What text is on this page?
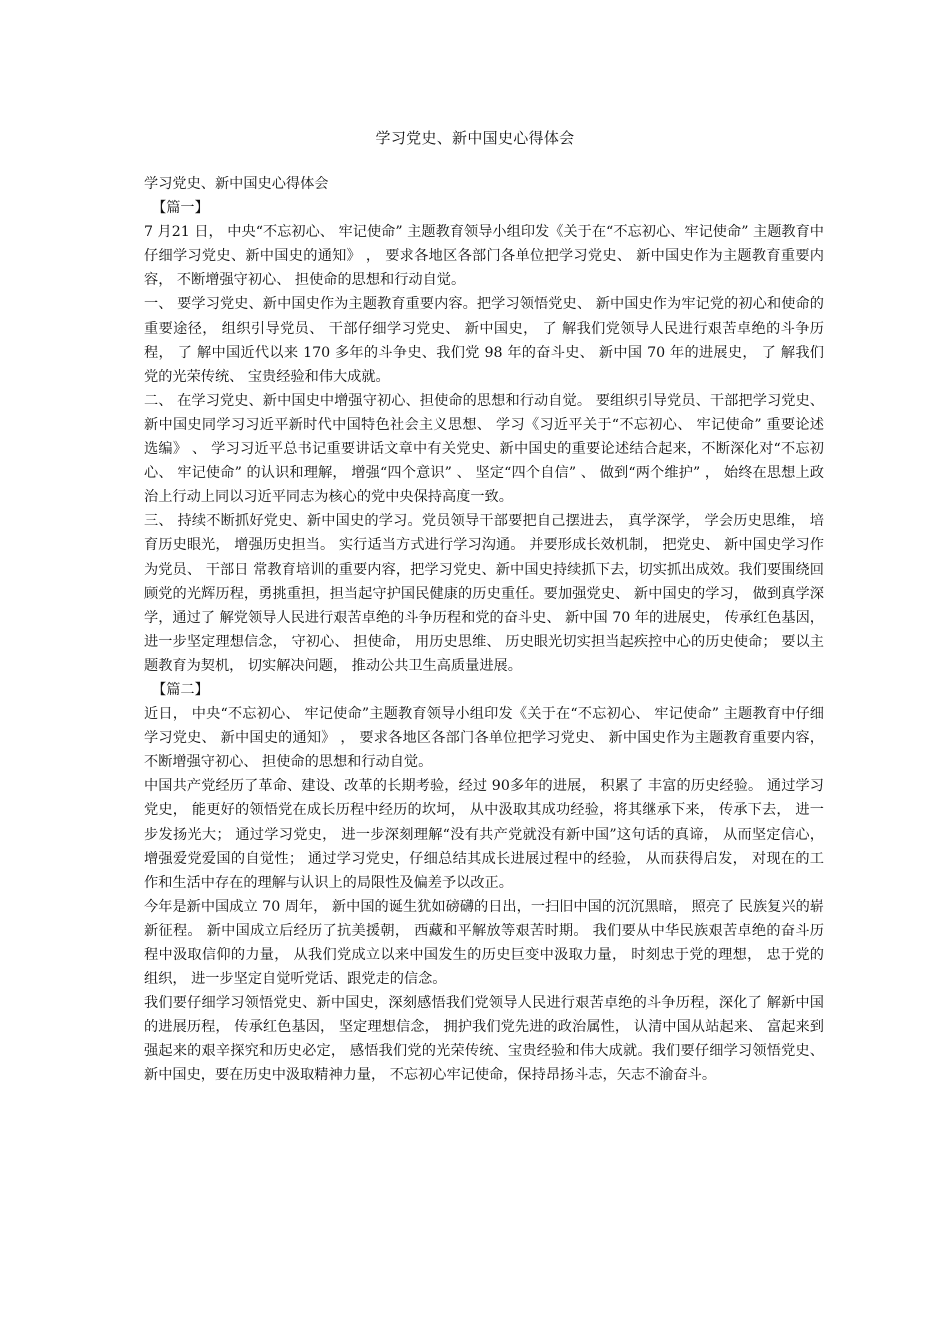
学习党史、新中国史心得体会

学习党史、新中国史心得体会

【篇一】

7 月21 日， 中央“不忘初心、 牢记使命” 主题教育领导小组印发《关于在“不忘初心、牢记使命” 主题教育中仔细学习党史、新中国史的通知》 ， 要求各地区各部门各单位把学习党史、 新中国史作为主题教育重要内容， 不断增强守初心、 担使命的思想和行动自觉。

一、 要学习党史、新中国史作为主题教育重要内容。把学习领悟党史、 新中国史作为牢记党的初心和使命的重要途径， 组织引导党员、 干部仔细学习党史、 新中国史， 了 解我们党领导人民进行艰苦卓绝的斗争历程， 了 解中国近代以来 170 多年的斗争史、我们党 98 年的奋斗史、 新中国 70 年的进展史， 了 解我们党的光荣传统、 宝贵经验和伟大成就。

二、 在学习党史、新中国史中增强守初心、担使命的思想和行动自觉。 要组织引导党员、干部把学习党史、 新中国史同学习习近平新时代中国特色社会主义思想、 学习《习近平关于“不忘初心、 牢记使命” 重要论述选编》 、 学习习近平总书记重要讲话文章中有关党史、新中国史的重要论述结合起来，不断深化对“不忘初心、 牢记使命” 的认识和理解， 增强“四个意识” 、 坚定“四个自信” 、 做到“两个维护” ， 始终在思想上政治上行动上同以习近平同志为核心的党中央保持高度一致。

三、 持续不断抓好党史、新中国史的学习。党员领导干部要把自己摆进去， 真学深学， 学会历史思维， 培育历史眼光， 增强历史担当。 实行适当方式进行学习沟通。 并要形成长效机制， 把党史、 新中国史学习作为党员、 干部日 常教育培训的重要内容，把学习党史、新中国史持续抓下去，切实抓出成效。我们要围绕回顾党的光辉历程，勇挑重担，担当起守护国民健康的历史重任。要加强党史、 新中国史的学习， 做到真学深学，通过了 解党领导人民进行艰苦卓绝的斗争历程和党的奋斗史、 新中国 70 年的进展史， 传承红色基因， 进一步坚定理想信念， 守初心、 担使命， 用历史思维、 历史眼光切实担当起疾控中心的历史使命； 要以主题教育为契机， 切实解决问题， 推动公共卫生高质量进展。

【篇二】

近日， 中央“不忘初心、 牢记使命”主题教育领导小组印发《关于在“不忘初心、 牢记使命” 主题教育中仔细学习党史、 新中国史的通知》 ， 要求各地区各部门各单位把学习党史、 新中国史作为主题教育重要内容， 不断增强守初心、 担使命的思想和行动自觉。

中国共产党经历了革命、建设、改革的长期考验，经过 90多年的进展， 积累了 丰富的历史经验。 通过学习党史， 能更好的领悟党在成长历程中经历的坎坷， 从中汲取其成功经验，将其继承下来， 传承下去， 进一步发扬光大； 通过学习党史， 进一步深刻理解“没有共产党就没有新中国”这句话的真谛， 从而坚定信心， 增强爱党爱国的自觉性； 通过学习党史，仔细总结其成长进展过程中的经验， 从而获得启发， 对现在的工作和生活中存在的理解与认识上的局限性及偏差予以改正。

今年是新中国成立 70 周年， 新中国的诞生犹如磅礴的日出，一扫旧中国的沉沉黑暗， 照亮了 民族复兴的崭新征程。 新中国成立后经历了抗美援朝， 西藏和平解放等艰苦时期。 我们要从中华民族艰苦卓绝的奋斗历程中汲取信仰的力量， 从我们党成立以来中国发生的历史巨变中汲取力量， 时刻忠于党的理想， 忠于党的组织， 进一步坚定自觉听党话、跟党走的信念。

我们要仔细学习领悟党史、新中国史，深刻感悟我们党领导人民进行艰苦卓绝的斗争历程，深化了 解新中国的进展历程， 传承红色基因， 坚定理想信念， 拥护我们党先进的政治属性， 认清中国从站起来、 富起来到强起来的艰辛探究和历史必定， 感悟我们党的光荣传统、宝贵经验和伟大成就。我们要仔细学习领悟党史、新中国史，要在历史中汲取精神力量， 不忘初心牢记使命，保持昂扬斗志，矢志不渝奋斗。
